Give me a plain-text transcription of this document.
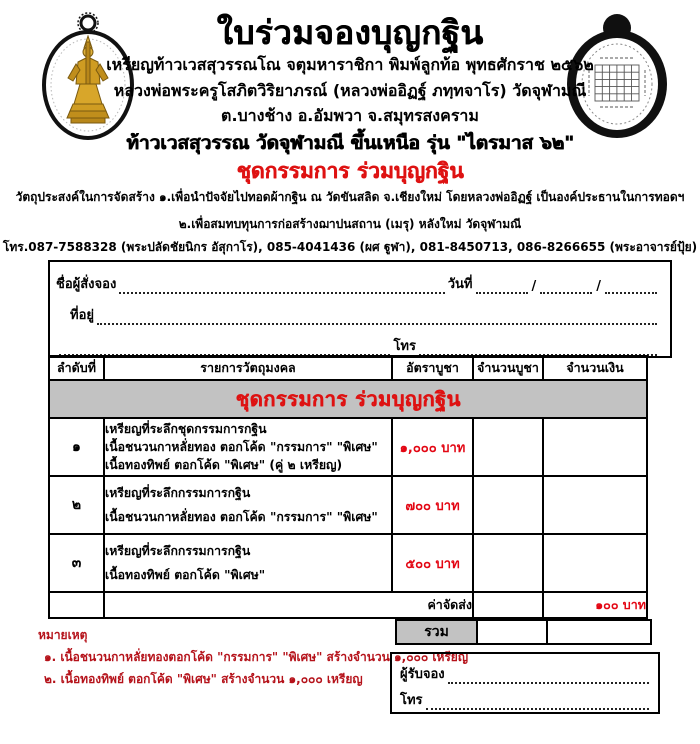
ใบร่วมจองบุญกฐิน
เหรียญท้าวเวสสุวรรณโณ จตุมหาราชิกา พิมพ์ลูกท้อ พุทธศักราช ๒๕๖๒
หลวงพ่อพระครูโสภิตวิริยาภรณ์ (หลวงพ่ออิฏฐ์ ภทฺทจาโร) วัดจุฬามณี
ต.บางช้าง อ.อัมพวา จ.สมุทรสงคราม
ท้าวเวสสุวรรณ วัดจุฬามณี ขึ้นเหนือ รุ่น "ไตรมาส ๖๒"
ชุดกรรมการ ร่วมบุญกฐิน
วัตถุประสงค์ในการจัดสร้าง ๑.เพื่อนำปัจจัยไปทอดผ้ากฐิน ณ วัดขันสลิด จ.เชียงใหม่ โดยหลวงพ่ออิฏฐ์ เป็นองค์ประธานในการทอดฯ
๒.เพื่อสมทบทุนการก่อสร้างฌาปนสถาน (เมรุ) หลังใหม่ วัดจุฬามณี
โทร.087-7588328 (พระปลัดชัยนิกร อัสุกาโร), 085-4041436 (ผศ ฐูฬา), 081-8450713, 086-8266655 (พระอาจารย์ปุ้ย)
ชื่อผู้สั่งจอง	วันที่	/	/
ที่อยู่
โทร
ลำดับที่	รายการวัตถุมงคล	อัตราบูชา	จำนวนบูชา	จำนวนเงิน
ชุดกรรมการ ร่วมบุญกฐิน				
๑	เหรียญที่ระลึกชุดกรรมการกฐิน
เนื้อชนวนกาหลั่ยทอง ตอกโค้ด "กรรมการ" "พิเศษ"
เนื้อทองทิพย์ ตอกโค้ด "พิเศษ" (คู่ ๒ เหรียญ)	๑,๐๐๐ บาท		
๒	เหรียญที่ระลึกกรรมการกฐิน
เนื้อชนวนกาหลั่ยทอง ตอกโค้ด "กรรมการ" "พิเศษ"	๗๐๐ บาท		
๓	เหรียญที่ระลึกกรรมการกฐิน
เนื้อทองทิพย์ ตอกโค้ด "พิเศษ"	๕๐๐ บาท		
	ค่าจัดส่ง			๑๐๐ บาท
รวม
หมายเหตุ
๑. เนื้อชนวนกาหลั่ยทองตอกโค้ด "กรรมการ" "พิเศษ" สร้างจำนวน ๑,๐๐๐ เหรียญ
๒. เนื้อทองทิพย์ ตอกโค้ด "พิเศษ" สร้างจำนวน ๑,๐๐๐ เหรียญ	ผู้รับจอง
โทร
